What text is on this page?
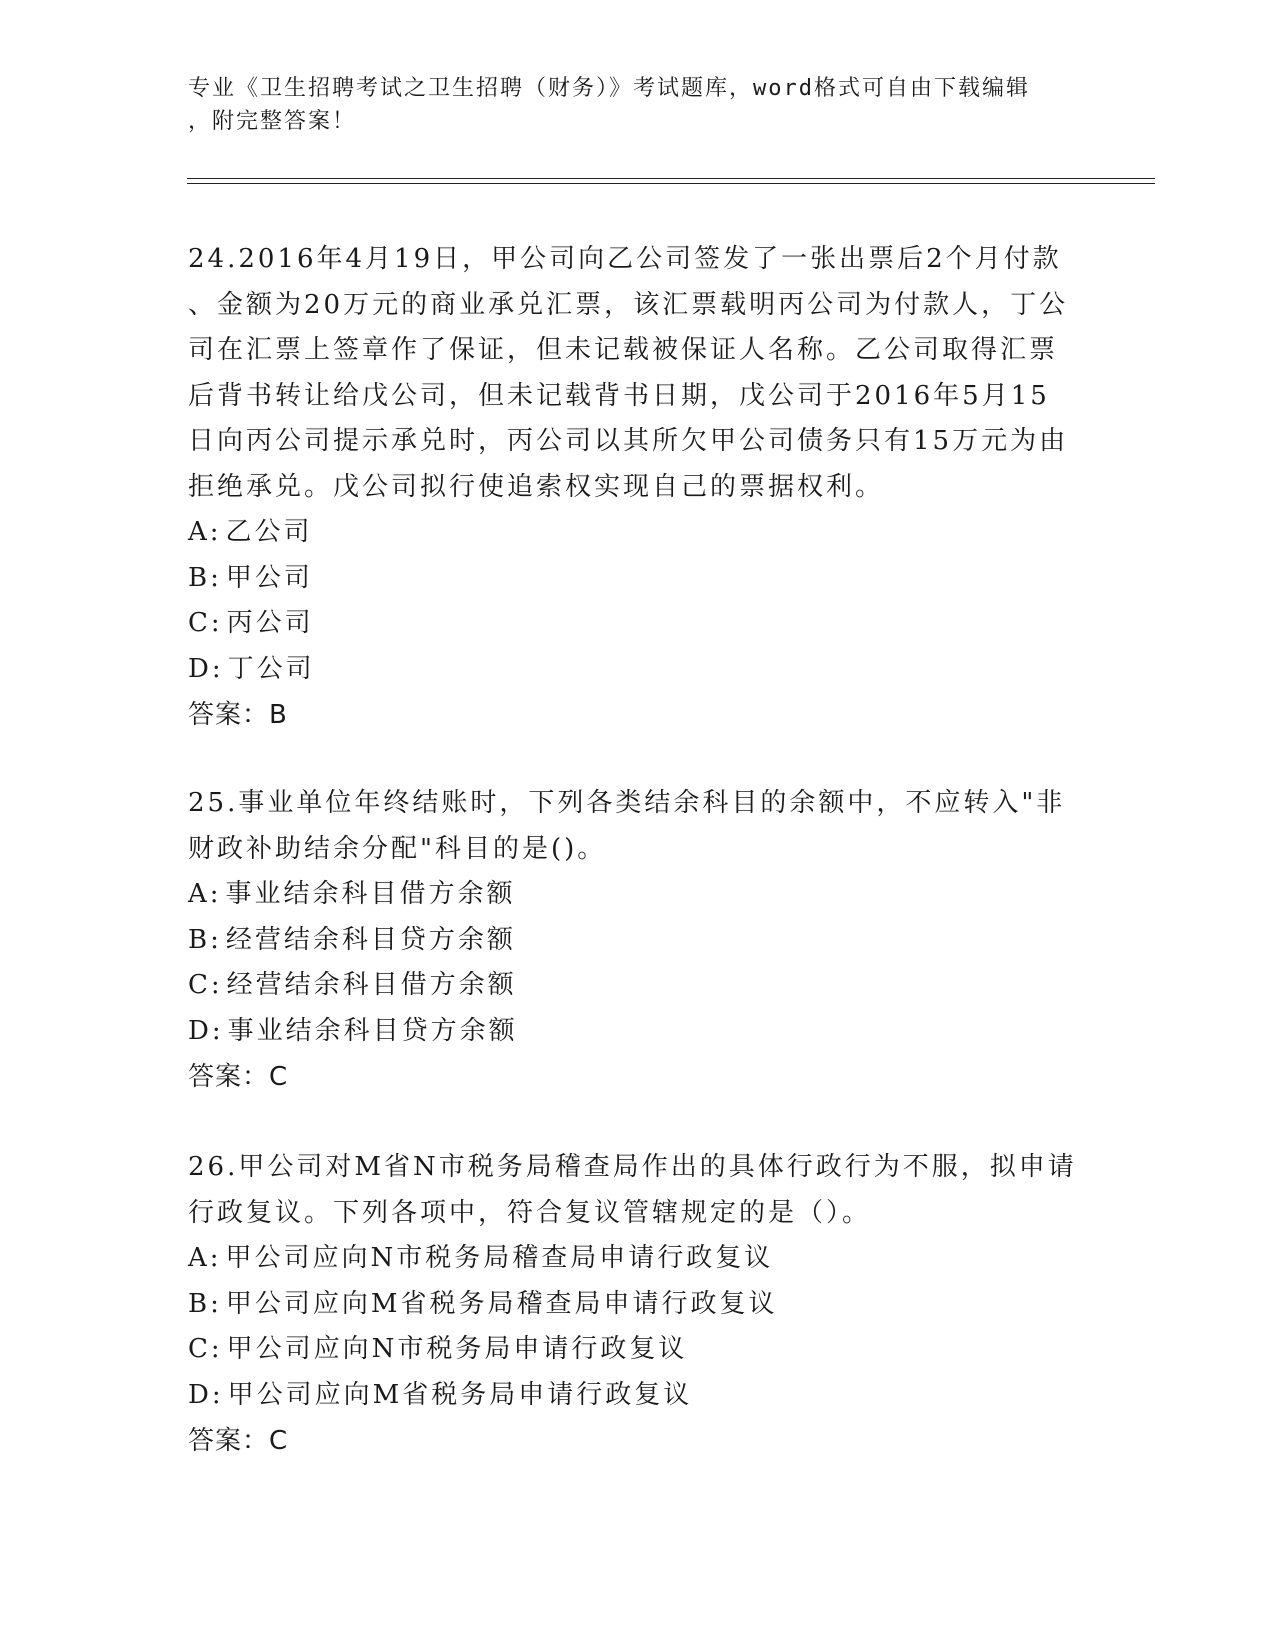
专业《卫生招聘考试之卫生招聘（财务）》考试题库，word格式可自由下载编辑
，附完整答案！

24.2016年4月19日，甲公司向乙公司签发了一张出票后2个月付款
、金额为20万元的商业承兑汇票，该汇票载明丙公司为付款人，丁公
司在汇票上签章作了保证，但未记载被保证人名称。乙公司取得汇票
后背书转让给戊公司，但未记载背书日期，戊公司于2016年5月15
日向丙公司提示承兑时，丙公司以其所欠甲公司债务只有15万元为由
拒绝承兑。戊公司拟行使追索权实现自己的票据权利。

A: 乙公司

B: 甲公司

C: 丙公司

D: 丁公司

答案：B

25.事业单位年终结账时，下列各类结余科目的余额中，不应转入"非
财政补助结余分配"科目的是()。

A: 事业结余科目借方余额

B: 经营结余科目贷方余额

C: 经营结余科目借方余额

D: 事业结余科目贷方余额

答案：C

26.甲公司对M省N市税务局稽查局作出的具体行政行为不服，拟申请
行政复议。下列各项中，符合复议管辖规定的是（）。

A: 甲公司应向N市税务局稽查局申请行政复议

B: 甲公司应向M省税务局稽查局申请行政复议

C: 甲公司应向N市税务局申请行政复议

D: 甲公司应向M省税务局申请行政复议

答案：C
